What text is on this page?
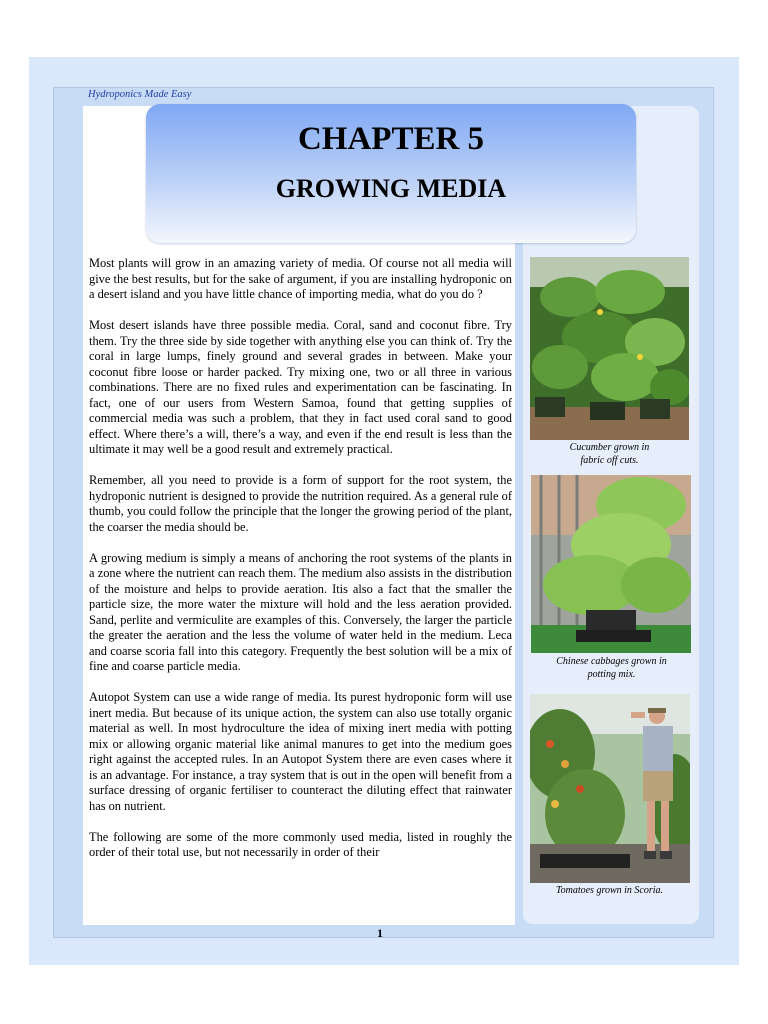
Hydroponics Made Easy
CHAPTER 5
GROWING MEDIA

Most plants will grow in an amazing variety of media. Of course not all media will give the best results, but for the sake of argument, if you are installing hydroponic on a desert island and you have little chance of importing media, what do you do ?

Most desert islands have three possible media. Coral, sand and coconut fibre. Try them. Try the three side by side together with anything else you can think of. Try the coral in large lumps, finely ground and several grades in between. Make your coconut fibre loose or harder packed. Try mixing one, two or all three in various combinations. There are no fixed rules and experimentation can be fascinating. In fact, one of our users from Western Samoa, found that getting supplies of commercial media was such a problem, that they in fact used coral sand to good effect. Where there’s a will, there’s a way, and even if the end result is less than the ultimate it may well be a good result and extremely practical.

Remember, all you need to provide is a form of support for the root system, the hydroponic nutrient is designed to provide the nutrition required. As a general rule of thumb, you could follow the principle that the longer the growing period of the plant, the coarser the media should be.

A growing medium is simply a means of anchoring the root systems of the plants in a zone where the nutrient can reach them. The medium also assists in the distribution of the moisture and helps to provide aeration. Itis also a fact that the smaller the particle size, the more water the mixture will hold and the less aeration provided. Sand, perlite and vermiculite are examples of this. Conversely, the larger the particle the greater the aeration and the less the volume of water held in the medium. Leca and coarse scoria fall into this category. Frequently the best solution will be a mix of fine and coarse particle media.

Autopot System can use a wide range of media. Its purest hydroponic form will use inert media. But because of its unique action, the system can also use totally organic material as well. In most hydroculture the idea of mixing inert media with potting mix or allowing organic material like animal manures to get into the medium goes right against the accepted rules. In an Autopot System there are even cases where it is an advantage. For instance, a tray system that is out in the open will benefit from a surface dressing of organic fertiliser to counteract the diluting effect that rainwater has on nutrient.

The following are some of the more commonly used media, listed in roughly the order of their total use, but not necessarily in order of their

Cucumber grown in
fabric off cuts.
Chinese cabbages grown in
potting mix.
Tomatoes grown in Scoria.
1
